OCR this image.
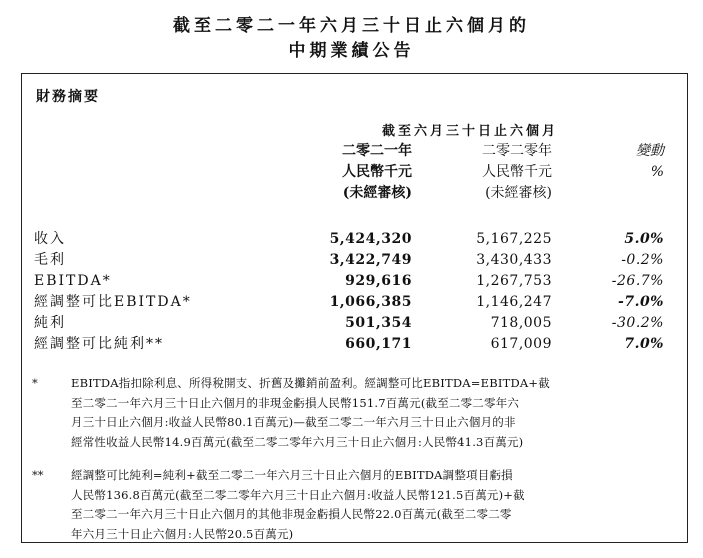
截至二零二一年六月三十日止六個月的
中期業績公告
財務摘要
截至六月三十日止六個月
二零二一年
人民幣千元
(未經審核)
二零二零年
人民幣千元
(未經審核)
變動
%
收入	5,424,320	5,167,225	5.0%
毛利	3,422,749	3,430,433	-0.2%
EBITDA*	929,616	1,267,753	-26.7%
經調整可比EBITDA*	1,066,385	1,146,247	-7.0%
純利	501,354	718,005	-30.2%
經調整可比純利**	660,171	617,009	7.0%
*	EBITDA指扣除利息、所得稅開支、折舊及攤銷前盈利。經調整可比EBITDA=EBITDA+截
至二零二一年六月三十日止六個月的非現金虧損人民幣151.7百萬元(截至二零二零年六
月三十日止六個月:收益人民幣80.1百萬元)—截至二零二一年六月三十日止六個月的非
經常性收益人民幣14.9百萬元(截至二零二零年六月三十日止六個月:人民幣41.3百萬元)
** 經調整可比純利=純利+截至二零二一年六月三十日止六個月的EBITDA調整項目虧損
人民幣136.8百萬元(截至二零二零年六月三十日止六個月:收益人民幣121.5百萬元)+截
至二零二一年六月三十日止六個月的其他非現金虧損人民幣22.0百萬元(截至二零二零
年六月三十日止六個月:人民幣20.5百萬元)
